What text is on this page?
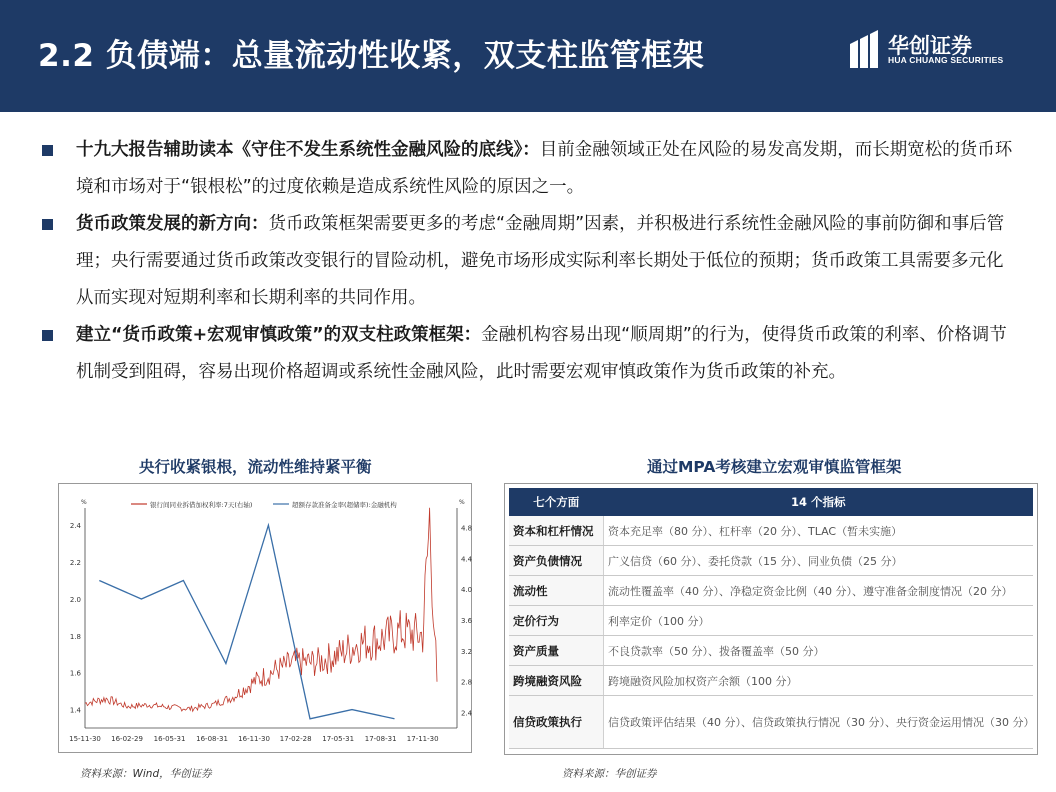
2.2 负债端：总量流动性收紧，双支柱监管框架	华创证券
HUA CHUANG SECURITIES
十九大报告辅助读本《守住不发生系统性金融风险的底线》：目前金融领域正处在风险的易发高发期，而长期宽松的货币环境和市场对于“银根松”的过度依赖是造成系统性风险的原因之一。
货币政策发展的新方向：货币政策框架需要更多的考虑“金融周期”因素，并积极进行系统性金融风险的事前防御和事后管理；央行需要通过货币政策改变银行的冒险动机，避免市场形成实际利率长期处于低位的预期；货币政策工具需要多元化从而实现对短期利率和长期利率的共同作用。
建立“货币政策+宏观审慎政策”的双支柱政策框架：金融机构容易出现“顺周期”的行为，使得货币政策的利率、价格调节机制受到阻碍，容易出现价格超调或系统性金融风险，此时需要宏观审慎政策作为货币政策的补充。
央行收紧银根，流动性维持紧平衡	通过MPA考核建立宏观审慎监管框架
%	%
1.4
1.6
1.8
2.0
2.2
2.4
2.4
2.8
3.2
3.6
4.0
4.4
4.8
15-11-30 16-02-29 16-05-31 16-08-31 16-11-30 17-02-28 17-05-31 17-08-31 17-11-30
银行间同业拆借加权利率:7天(右轴)	超额存款准备金率(超储率):金融机构	七个方面	14 个指标
资本和杠杆情况	资本充足率（80 分）、杠杆率（20 分）、TLAC（暂未实施）
资产负债情况	广义信贷（60 分）、委托贷款（15 分）、同业负债（25 分）
流动性	流动性覆盖率（40 分）、净稳定资金比例（40 分）、遵守准备金制度情况（20 分）
定价行为	利率定价（100 分）
资产质量	不良贷款率（50 分）、拨备覆盖率（50 分）
跨境融资风险	跨境融资风险加权资产余额（100 分）
信贷政策执行	信贷政策评估结果（40 分）、信贷政策执行情况（30 分）、央行资金运用情况（30 分）
资料来源：Wind，华创证券	资料来源：华创证券
